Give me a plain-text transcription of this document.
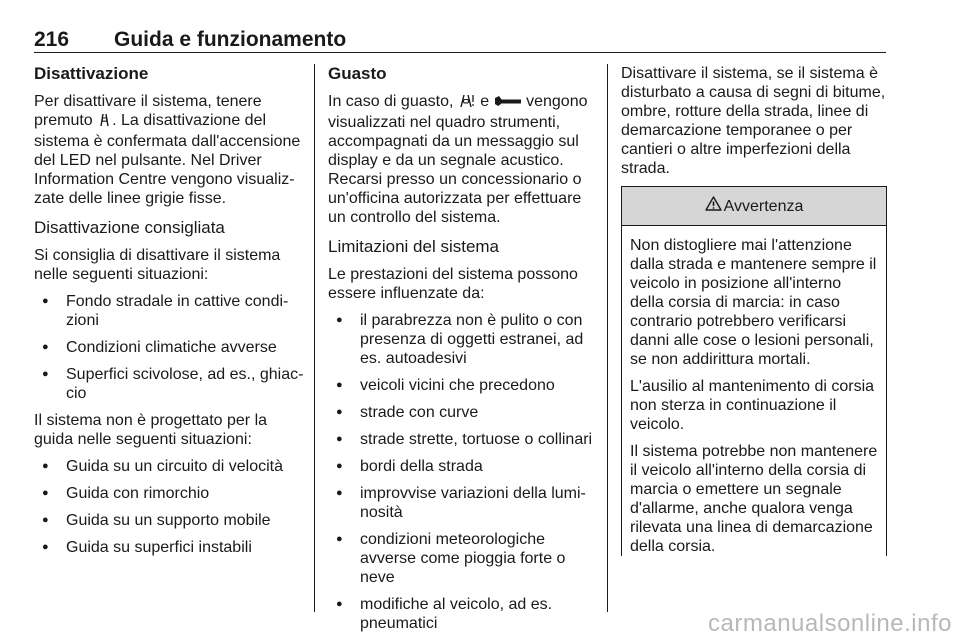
216 Guida e funzionamento
Disattivazione

Per disattivare il sistema, tenere premuto . La disattivazione del sistema è confermata dall'accensione del LED nel pulsante. Nel Driver Information Centre vengono visualizzate delle linee grigie fisse.

Disattivazione consigliata

Si consiglia di disattivare il sistema nelle seguenti situazioni:

● Fondo stradale in cattive condizioni
● Condizioni climatiche avverse
● Superfici scivolose, ad es., ghiaccio

Il sistema non è progettato per la guida nelle seguenti situazioni:

● Guida su un circuito di velocità
● Guida con rimorchio
● Guida su un supporto mobile
● Guida su superfici instabili
Guasto

In caso di guasto,  e  vengono visualizzati nel quadro strumenti, accompagnati da un messaggio sul display e da un segnale acustico. Recarsi presso un concessionario o un'officina autorizzata per effettuare un controllo del sistema.

Limitazioni del sistema

Le prestazioni del sistema possono essere influenzate da:

● il parabrezza non è pulito o con presenza di oggetti estranei, ad es. autoadesivi
● veicoli vicini che precedono
● strade con curve
● strade strette, tortuose o collinari
● bordi della strada
● improvvise variazioni della luminosità
● condizioni meteorologiche avverse come pioggia forte o neve
● modifiche al veicolo, ad es. pneumatici

Disattivare il sistema, se il sistema è disturbato a causa di segni di bitume, ombre, rotture della strada, linee di demarcazione temporanee o per cantieri o altre imperfezioni della strada.

Avvertenza

Non distogliere mai l'attenzione dalla strada e mantenere sempre il veicolo in posizione all'interno della corsia di marcia: in caso contrario potrebbero verificarsi danni alle cose o lesioni personali, se non addirittura mortali.

L'ausilio al mantenimento di corsia non sterza in continuazione il veicolo.

Il sistema potrebbe non mantenere il veicolo all'interno della corsia di marcia o emettere un segnale d'allarme, anche qualora venga rilevata una linea di demarcazione della corsia.

carmanualsonline.info
